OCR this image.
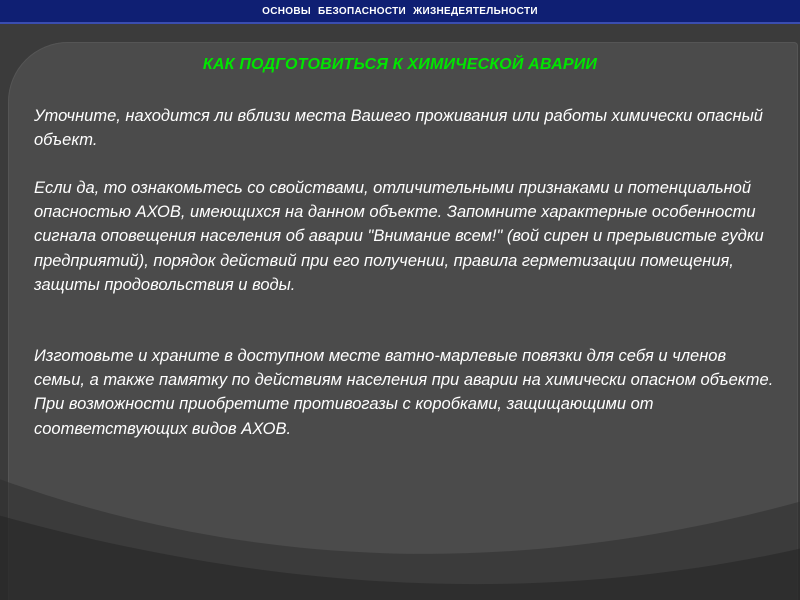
ОСНОВЫ БЕЗОПАСНОСТИ ЖИЗНЕДЕЯТЕЛЬНОСТИ
КАК ПОДГОТОВИТЬСЯ К ХИМИЧЕСКОЙ АВАРИИ

Уточните, находится ли вблизи места Вашего проживания или работы химически опасный объект.

Если да, то ознакомьтесь со свойствами, отличительными признаками и потенциальной опасностью АХОВ, имеющихся на данном объекте. Запомните характерные особенности сигнала оповещения населения об аварии "Внимание всем!" (вой сирен и прерывистые гудки предприятий), порядок действий при его получении, правила герметизации помещения, защиты продовольствия и воды.

Изготовьте и храните в доступном месте ватно-марлевые повязки для себя и членов семьи, а также памятку по действиям населения при аварии на химически опасном объекте. При возможности приобретите противогазы с коробками, защищающими от соответствующих видов АХОВ.
